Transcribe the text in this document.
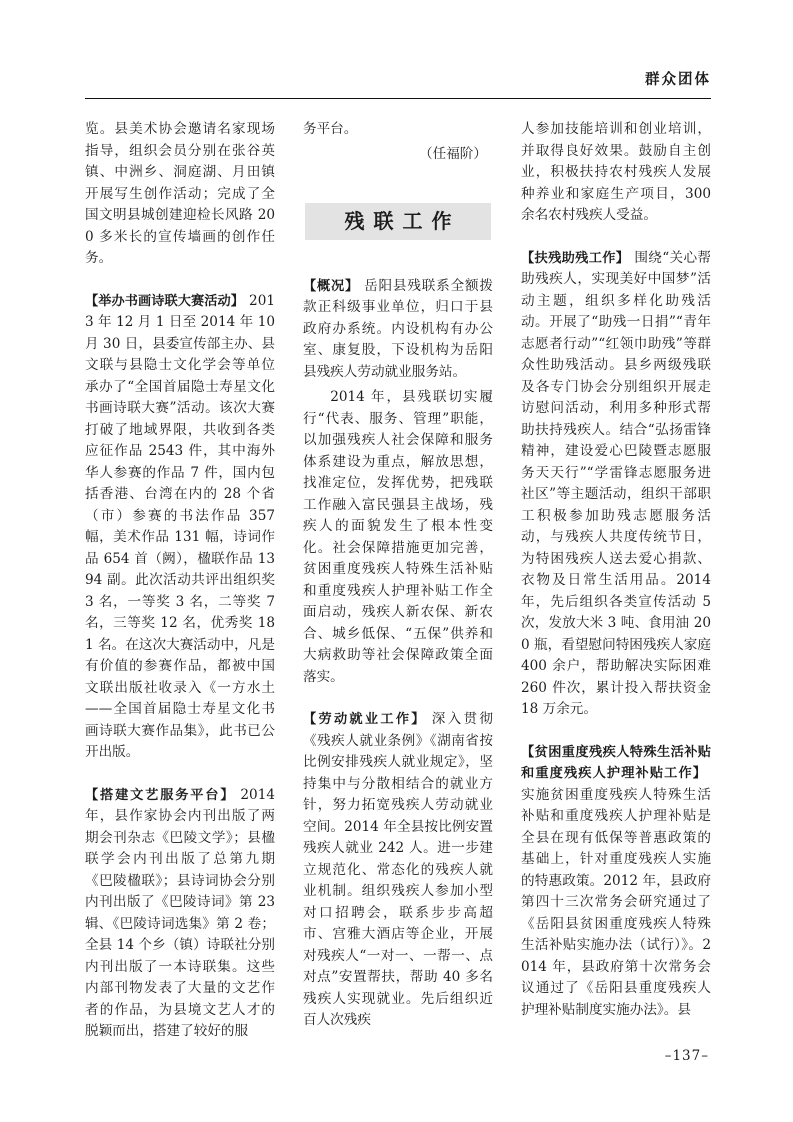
群众团体

览。县美术协会邀请名家现场指导，组织会员分别在张谷英镇、中洲乡、洞庭湖、月田镇开展写生创作活动；完成了全国文明县城创建迎检长风路 200 多米长的宣传墙画的创作任务。

【举办书画诗联大赛活动】 2013 年 12 月 1 日至 2014 年 10 月 30 日，县委宣传部主办、县文联与县隐士文化学会等单位承办了“全国首届隐士寿星文化书画诗联大赛”活动。该次大赛打破了地域界限，共收到各类应征作品 2543 件，其中海外华人参赛的作品 7 件，国内包括香港、台湾在内的 28 个省（市）参赛的书法作品 357 幅，美术作品 131 幅，诗词作品 654 首（阙），楹联作品 1394 副。此次活动共评出组织奖 3 名，一等奖 3 名，二等奖 7 名，三等奖 12 名，优秀奖 181 名。在这次大赛活动中，凡是有价值的参赛作品，都被中国文联出版社收录入《一方水土——全国首届隐士寿星文化书画诗联大赛作品集》，此书已公开出版。

【搭建文艺服务平台】 2014 年，县作家协会内刊出版了两期会刊杂志《巴陵文学》；县楹联学会内刊出版了总第九期《巴陵楹联》；县诗词协会分别内刊出版了《巴陵诗词》第 23 辑、《巴陵诗词选集》第 2 卷；全县 14 个乡（镇）诗联社分别内刊出版了一本诗联集。这些内部刊物发表了大量的文艺作者的作品，为县境文艺人才的脱颖而出，搭建了较好的服

务平台。

（任福阶）

残联工作

【概况】 岳阳县残联系全额拨款正科级事业单位，归口于县政府办系统。内设机构有办公室、康复股，下设机构为岳阳县残疾人劳动就业服务站。

2014 年，县残联切实履行“代表、服务、管理”职能，以加强残疾人社会保障和服务体系建设为重点，解放思想，找准定位，发挥优势，把残联工作融入富民强县主战场，残疾人的面貌发生了根本性变化。社会保障措施更加完善，贫困重度残疾人特殊生活补贴和重度残疾人护理补贴工作全面启动，残疾人新农保、新农合、城乡低保、“五保”供养和大病救助等社会保障政策全面落实。

【劳动就业工作】 深入贯彻《残疾人就业条例》《湖南省按比例安排残疾人就业规定》，坚持集中与分散相结合的就业方针，努力拓宽残疾人劳动就业空间。2014 年全县按比例安置残疾人就业 242 人。进一步建立规范化、常态化的残疾人就业机制。组织残疾人参加小型对口招聘会，联系步步高超市、宫雅大酒店等企业，开展对残疾人“一对一、一帮一、点对点”安置帮扶，帮助 40 多名残疾人实现就业。先后组织近百人次残疾

人参加技能培训和创业培训，并取得良好效果。鼓励自主创业，积极扶持农村残疾人发展种养业和家庭生产项目，300 余名农村残疾人受益。

【扶残助残工作】 围绕“关心帮助残疾人，实现美好中国梦”活动主题，组织多样化助残活动。开展了“助残一日捐”“青年志愿者行动”“红领巾助残”等群众性助残活动。县乡两级残联及各专门协会分别组织开展走访慰问活动，利用多种形式帮助扶持残疾人。结合“弘扬雷锋精神，建设爱心巴陵暨志愿服务天天行”“学雷锋志愿服务进社区”等主题活动，组织干部职工积极参加助残志愿服务活动，与残疾人共度传统节日，为特困残疾人送去爱心捐款、衣物及日常生活用品。2014 年，先后组织各类宣传活动 5 次，发放大米 3 吨、食用油 200 瓶，看望慰问特困残疾人家庭 400 余户，帮助解决实际困难 260 件次，累计投入帮扶资金 18 万余元。

【贫困重度残疾人特殊生活补贴和重度残疾人护理补贴工作】实施贫困重度残疾人特殊生活补贴和重度残疾人护理补贴是全县在现有低保等普惠政策的基础上，针对重度残疾人实施的特惠政策。2012 年，县政府第四十三次常务会研究通过了《岳阳县贫困重度残疾人特殊生活补贴实施办法（试行）》。2014 年，县政府第十次常务会议通过了《岳阳县重度残疾人护理补贴制度实施办法》。县

–137–
